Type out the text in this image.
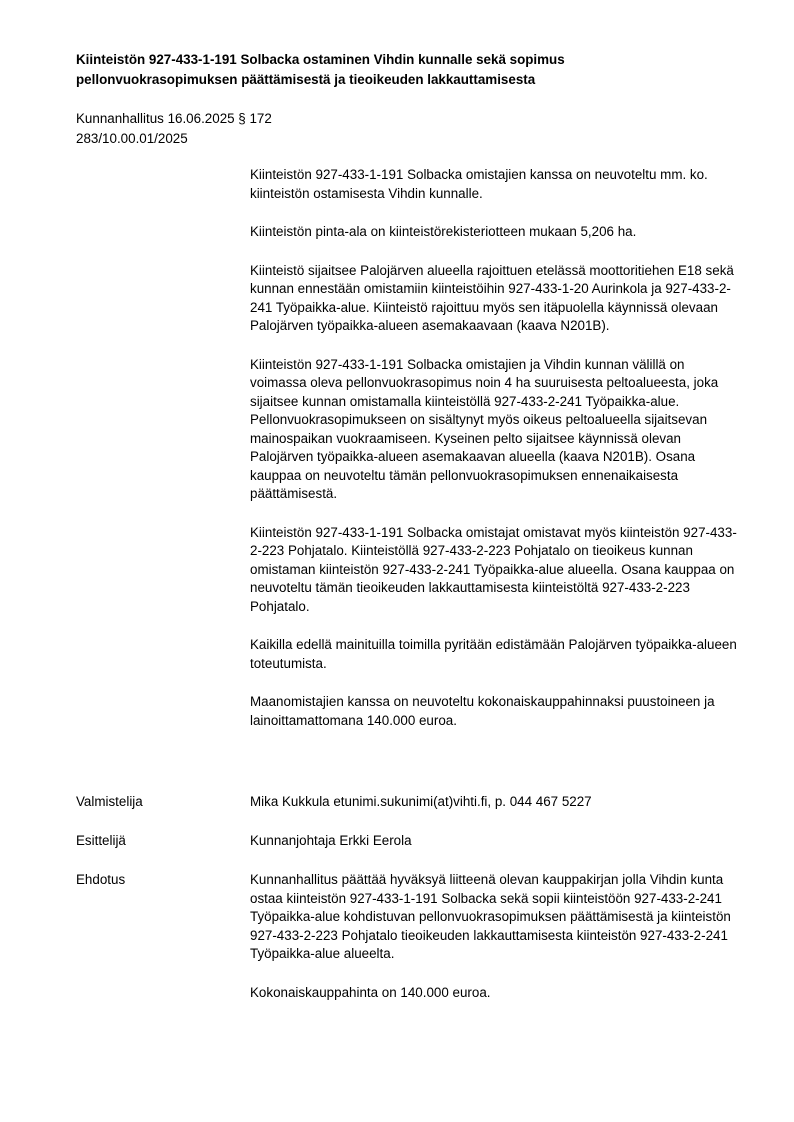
Kiinteistön 927-433-1-191 Solbacka ostaminen Vihdin kunnalle sekä sopimus
pellonvuokrasopimuksen päättämisestä ja tieoikeuden lakkauttamisesta
Kunnanhallitus 16.06.2025 § 172
283/10.00.01/2025

Kiinteistön 927-433-1-191 Solbacka omistajien kanssa on neuvoteltu mm. ko. kiinteistön ostamisesta Vihdin kunnalle.

Kiinteistön pinta-ala on kiinteistörekisteriotteen mukaan 5,206 ha.

Kiinteistö sijaitsee Palojärven alueella rajoittuen etelässä moottoritiehen E18 sekä kunnan ennestään omistamiin kiinteistöihin 927-433-1-20 Aurinkola ja 927-433-2-241 Työpaikka-alue. Kiinteistö rajoittuu myös sen itäpuolella käynnissä olevaan Palojärven työpaikka-alueen asemakaavaan (kaava N201B).

Kiinteistön 927-433-1-191 Solbacka omistajien ja Vihdin kunnan välillä on voimassa oleva pellonvuokrasopimus noin 4 ha suuruisesta peltoalueesta, joka sijaitsee kunnan omistamalla kiinteistöllä 927-433-2-241 Työpaikka-alue. Pellonvuokrasopimukseen on sisältynyt myös oikeus peltoalueella sijaitsevan mainospaikan vuokraamiseen. Kyseinen pelto sijaitsee käynnissä olevan Palojärven työpaikka-alueen asemakaavan alueella (kaava N201B). Osana kauppaa on neuvoteltu tämän pellonvuokrasopimuksen ennenaikaisesta päättämisestä.

Kiinteistön 927-433-1-191 Solbacka omistajat omistavat myös kiinteistön 927-433-2-223 Pohjatalo. Kiinteistöllä 927-433-2-223 Pohjatalo on tieoikeus kunnan omistaman kiinteistön 927-433-2-241 Työpaikka-alue alueella. Osana kauppaa on neuvoteltu tämän tieoikeuden lakkauttamisesta kiinteistöltä 927-433-2-223 Pohjatalo.

Kaikilla edellä mainituilla toimilla pyritään edistämään Palojärven työpaikka-alueen toteutumista.

Maanomistajien kanssa on neuvoteltu kokonaiskauppahinnaksi puustoineen ja lainoittamattomana 140.000 euroa.

Valmistelija	Mika Kukkula etunimi.sukunimi(at)vihti.fi, p. 044 467 5227
Esittelijä	Kunnanjohtaja Erkki Eerola
Ehdotus	Kunnanhallitus päättää hyväksyä liitteenä olevan kauppakirjan jolla Vihdin kunta ostaa kiinteistön 927-433-1-191 Solbacka sekä sopii kiinteistöön 927-433-2-241 Työpaikka-alue kohdistuvan pellonvuokrasopimuksen päättämisestä ja kiinteistön 927-433-2-223 Pohjatalo tieoikeuden lakkauttamisesta kiinteistön 927-433-2-241 Työpaikka-alue alueelta.

Kokonaiskauppahinta on 140.000 euroa.
